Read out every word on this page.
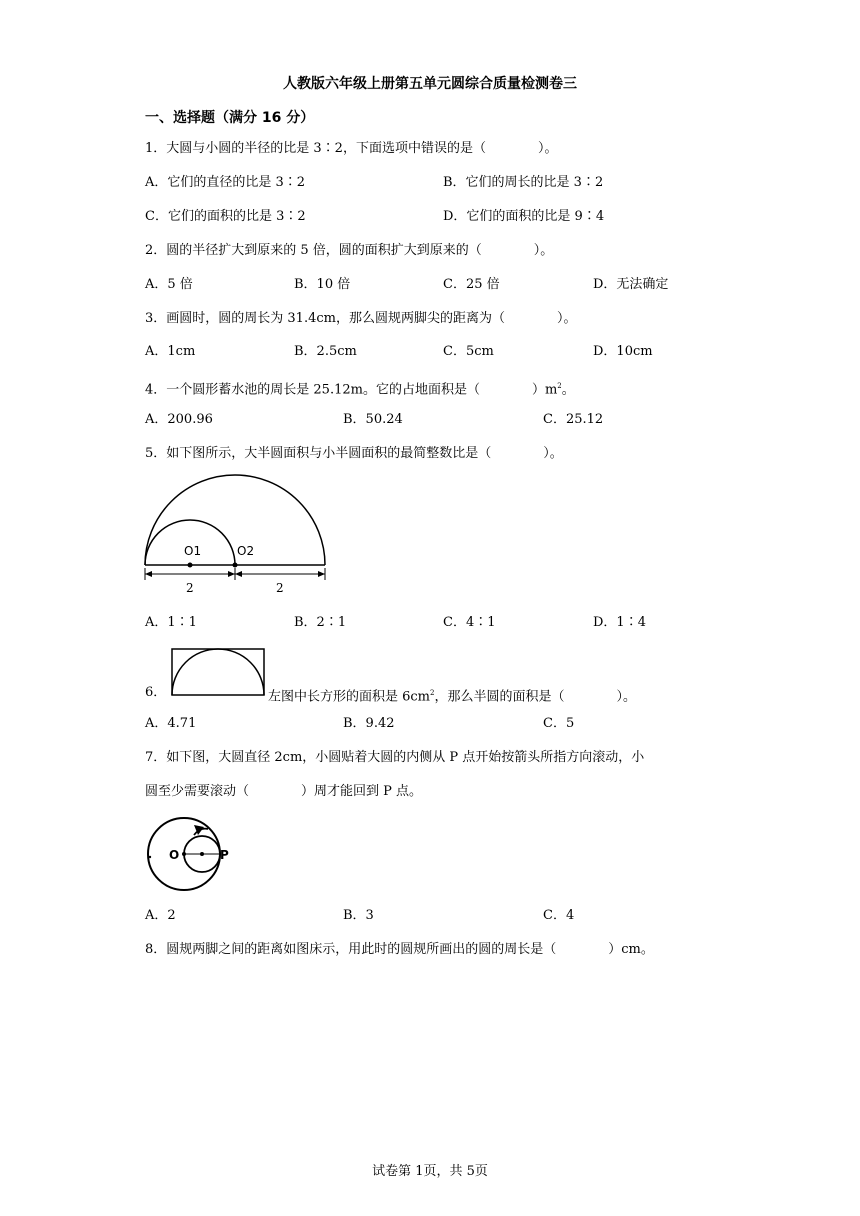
人教版六年级上册第五单元圆综合质量检测卷三
一、选择题（满分 16 分）
1．大圆与小圆的半径的比是 3∶2，下面选项中错误的是（　　　　）。
A．它们的直径的比是 3∶2	B．它们的周长的比是 3∶2
C．它们的面积的比是 3∶2	D．它们的面积的比是 9∶4
2．圆的半径扩大到原来的 5 倍，圆的面积扩大到原来的（　　　　）。
A．5 倍	B．10 倍	C．25 倍	D．无法确定
3．画圆时，圆的周长为 31.4cm，那么圆规两脚尖的距离为（　　　　）。
A．1cm	B．2.5cm	C．5cm	D．10cm
4．一个圆形蓄水池的周长是 25.12m。它的占地面积是（　　　　）$m^2$。
A．200.96	B．50.24	C．25.12
5．如下图所示，大半圆面积与小半圆面积的最简整数比是（　　　　）。
O1	O2
2	2
A．1∶1	B．2∶1	C．4∶1	D．1∶4
6．	左图中长方形的面积是 $6cm^2$，那么半圆的面积是（　　　　）。
A．4.71	B．9.42	C．5
7．如下图，大圆直径 2cm，小圆贴着大圆的内侧从 P 点开始按箭头所指方向滚动，小
圆至少需要滚动（　　　　）周才能回到 P 点。
O	P
A．2	B．3	C．4
8．圆规两脚之间的距离如图床示，用此时的圆规所画出的圆的周长是（　　　　）cm。
试卷第 1页，共 5页
